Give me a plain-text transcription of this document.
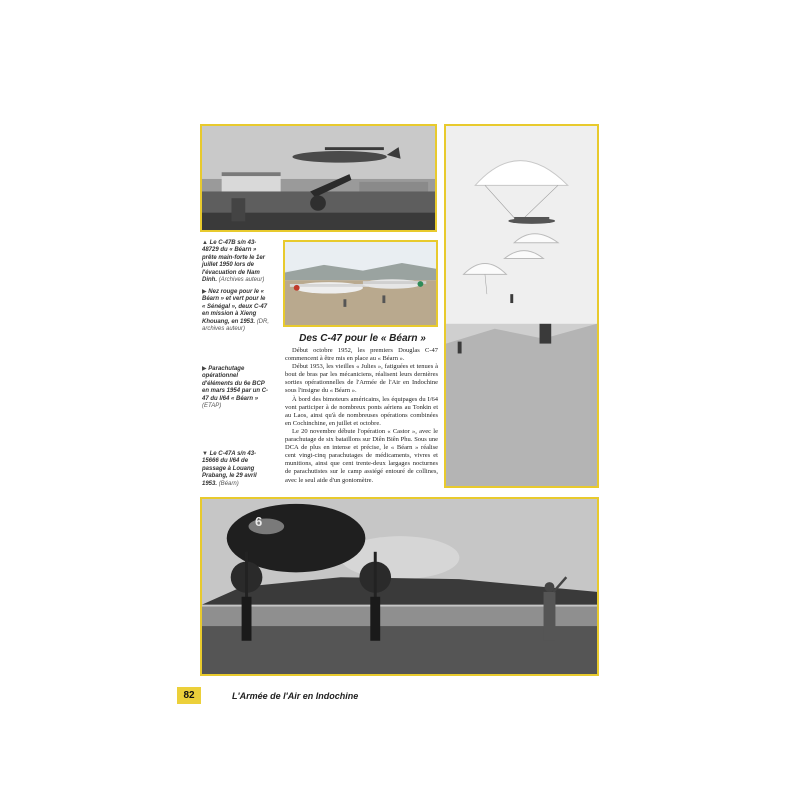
6
▲ Le C-47B s/n 43-48729 du « Béarn » prête main-forte le 1er juillet 1950 lors de l'évacuation de Nam Dinh. (Archives auteur)
▶ Nez rouge pour le « Béarn » et vert pour le « Sénégal », deux C-47 en mission à Xieng Khouang, en 1953. (DR, archives auteur)
▶ Parachutage opérationnel d'éléments du 6e BCP en mars 1954 par un C-47 du I/64 « Béarn » (ETAP)
▼ Le C-47A s/n 43-15666 du I/64 de passage à Louang Prabang, le 29 avril 1953. (Béarn)
Des C-47 pour le « Béarn »

Début octobre 1952, les premiers Douglas C-47 commencent à être mis en place au « Béarn ».

Début 1953, les vieilles « Julies », fatiguées et tenues à bout de bras par les mécaniciens, réalisent leurs dernières sorties opérationnelles de l'Armée de l'Air en Indochine sous l'insigne du « Béarn ».

À bord des bimoteurs américains, les équipages du I/64 vont participer à de nombreux ponts aériens au Tonkin et au Laos, ainsi qu'à de nombreuses opérations combinées en Cochinchine, en juillet et octobre.

Le 20 novembre débute l'opération « Castor », avec le parachutage de six bataillons sur Diên Biên Phu. Sous une DCA de plus en intense et précise, le « Béarn » réalise cent vingt-cinq parachutages de médicaments, vivres et munitions, ainsi que cent trente-deux largages nocturnes de parachutistes sur le camp assiégé entouré de collines, avec le seul aide d'un goniomètre.

82	L'Armée de l'Air en Indochine
